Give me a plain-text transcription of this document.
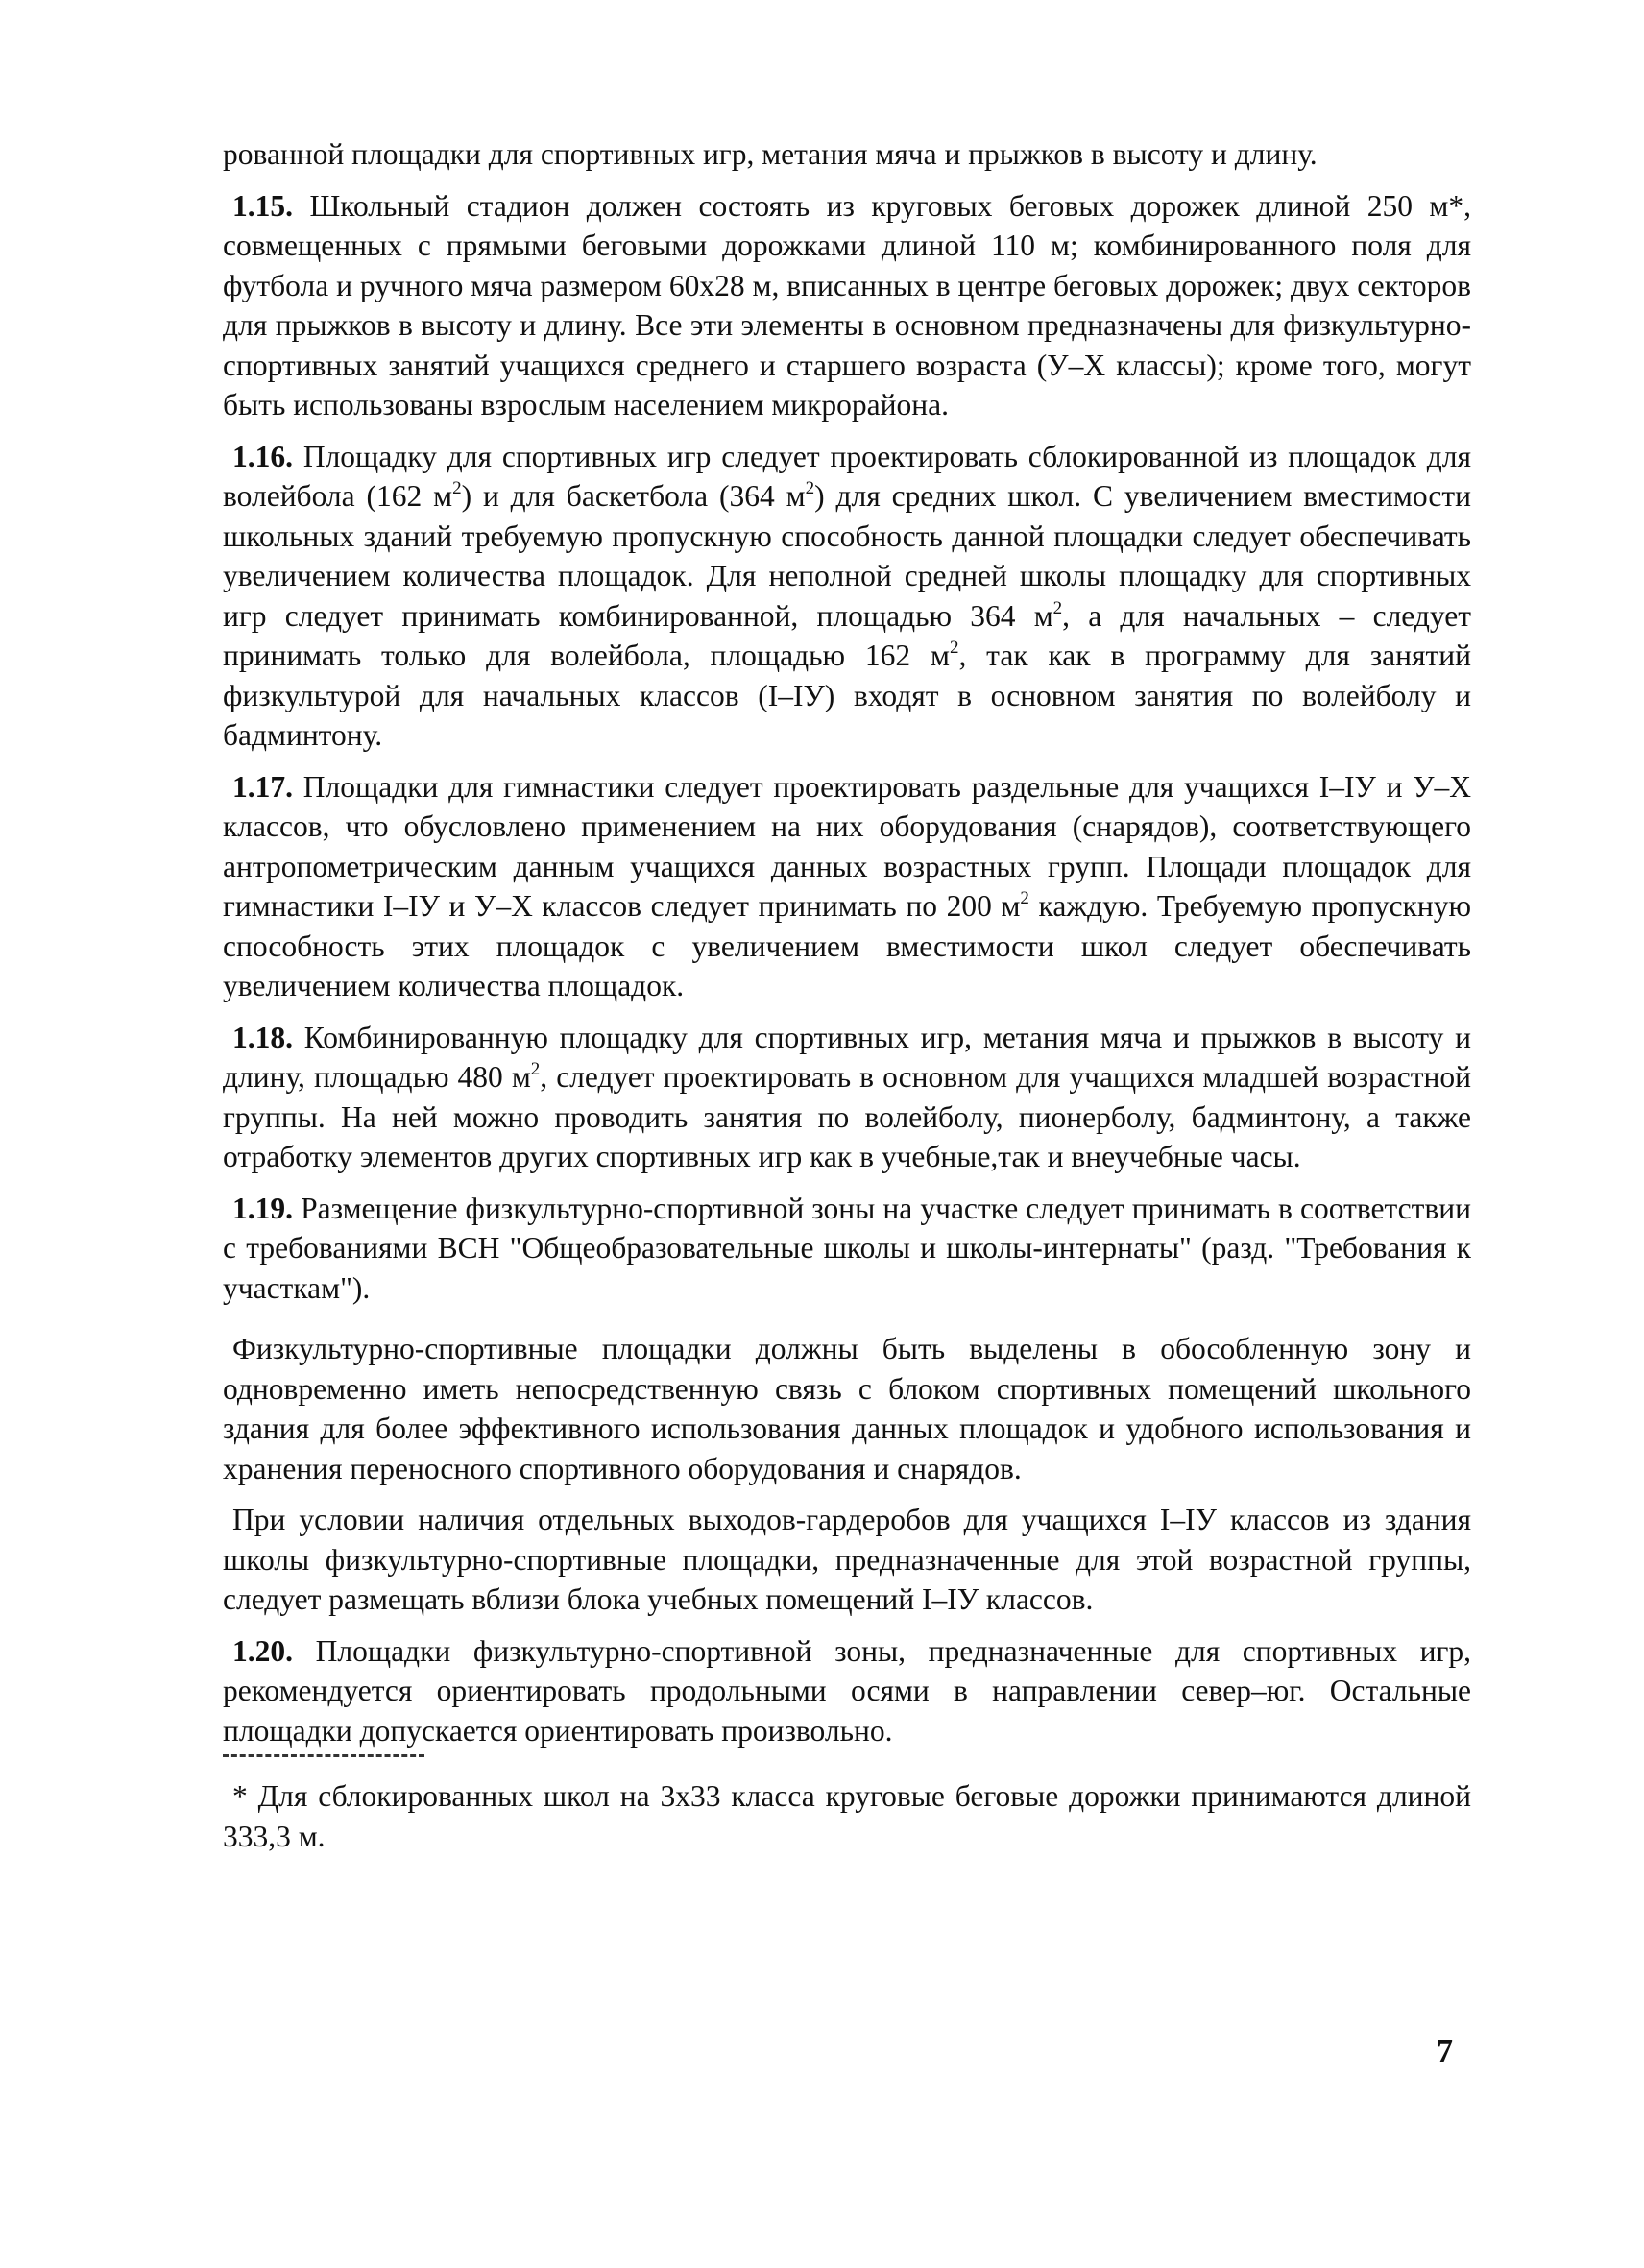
рованной площадки для спортивных игр, метания мяча и прыжков в высоту и длину.

1.15. Школьный стадион должен состоять из круговых беговых дорожек длиной 250 м*, совмещенных с прямыми беговыми дорожками длиной 110 м; комбинированного поля для футбола и ручного мяча размером 60х28 м, вписанных в центре беговых дорожек; двух секторов для прыжков в высоту и длину. Все эти элементы в основном предназначены для физкультурно-спортивных занятий учащихся среднего и старшего возраста (У–Х классы); кроме того, могут быть использованы взрослым населением микрорайона.

1.16. Площадку для спортивных игр следует проектировать сблокированной из площадок для волейбола (162 $м^2$) и для баскетбола (364 $м^2$) для средних школ. С увеличением вместимости школьных зданий требуемую пропускную способность данной площадки следует обеспечивать увеличением количества площадок. Для неполной средней школы площадку для спортивных игр следует принимать комбинированной, площадью 364 $м^2$, а для начальных – следует принимать только для волейбола, площадью 162 $м^2$, так как в программу для занятий физкультурой для начальных классов (I–IУ) входят в основном занятия по волейболу и бадминтону.

1.17. Площадки для гимнастики следует проектировать раздельные для учащихся I–IУ и У–Х классов, что обусловлено применением на них оборудования (снарядов), соответствующего антропометрическим данным учащихся данных возрастных групп. Площади площадок для гимнастики I–IУ и У–Х классов следует принимать по 200 $м^2$ каждую. Требуемую пропускную способность этих площадок с увеличением вместимости школ следует обеспечивать увеличением количества площадок.

1.18. Комбинированную площадку для спортивных игр, метания мяча и прыжков в высоту и длину, площадью 480 $м^2$, следует проектировать в основном для учащихся младшей возрастной группы. На ней можно проводить занятия по волейболу, пионерболу, бадминтону, а также отработку элементов других спортивных игр как в учебные,так и внеучебные часы.

1.19. Размещение физкультурно-спортивной зоны на участке следует принимать в соответствии с требованиями ВСН "Общеобразовательные школы и школы-интернаты" (разд. "Требования к участкам").

Физкультурно-спортивные площадки должны быть выделены в обособленную зону и одновременно иметь непосредственную связь с блоком спортивных помещений школьного здания для более эффективного использования данных площадок и удобного использования и хранения переносного спортивного оборудования и снарядов.

При условии наличия отдельных выходов-гардеробов для учащихся I–IУ классов из здания школы физкультурно-спортивные площадки, предназначенные для этой возрастной группы, следует размещать вблизи блока учебных помещений I–IУ классов.

1.20. Площадки физкультурно-спортивной зоны, предназначенные для спортивных игр, рекомендуется ориентировать продольными осями в направлении север–юг. Остальные площадки допускается ориентировать произвольно.

* Для сблокированных школ на 3х33 класса круговые беговые дорожки принимаются длиной 333,3 м.

7
